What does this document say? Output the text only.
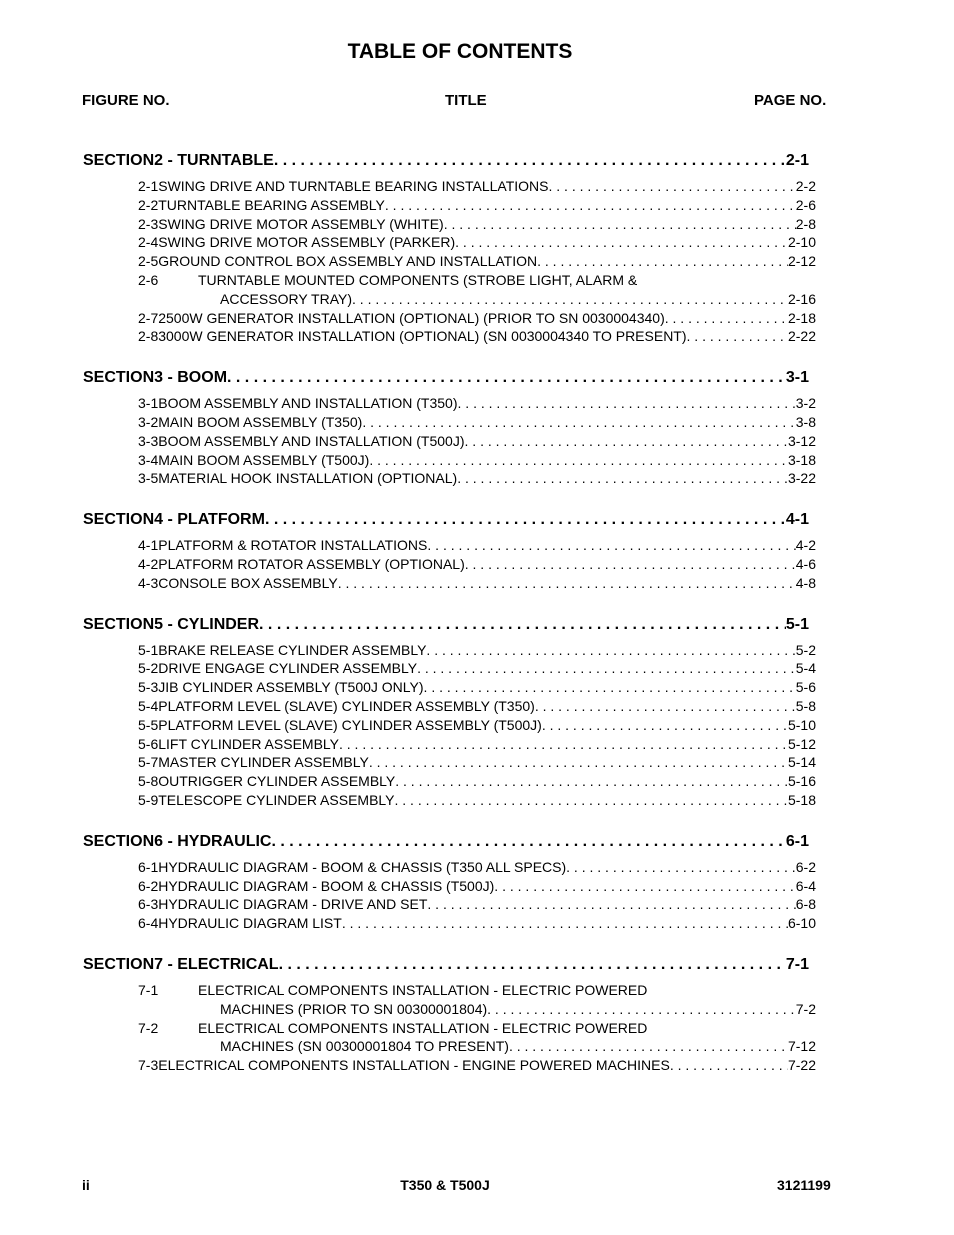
TABLE OF CONTENTS
FIGURE NO.	TITLE	PAGE NO.
SECTION 2 - TURNTABLE . . .	2-1
2-1 SWING DRIVE AND TURNTABLE BEARING INSTALLATIONS . . .	2-2
2-2 TURNTABLE BEARING ASSEMBLY . . .	2-6
2-3 SWING DRIVE MOTOR ASSEMBLY (WHITE) . . .	2-8
2-4 SWING DRIVE MOTOR ASSEMBLY (PARKER) . . .	2-10
2-5 GROUND CONTROL BOX ASSEMBLY AND INSTALLATION . . .	2-12
2-6	TURNTABLE MOUNTED COMPONENTS (STROBE LIGHT, ALARM &
ACCESSORY TRAY) . . .	2-16
2-7 2500W GENERATOR INSTALLATION (OPTIONAL) (PRIOR TO SN 0030004340) . . .	2-18
2-8 3000W GENERATOR INSTALLATION (OPTIONAL) (SN 0030004340 TO PRESENT) . . .	2-22
SECTION 3 - BOOM . . .	3-1
3-1 BOOM ASSEMBLY AND INSTALLATION (T350) . . .	3-2
3-2 MAIN BOOM ASSEMBLY (T350) . . .	3-8
3-3 BOOM ASSEMBLY AND INSTALLATION (T500J) . . .	3-12
3-4 MAIN BOOM ASSEMBLY (T500J) . . .	3-18
3-5 MATERIAL HOOK INSTALLATION (OPTIONAL) . . .	3-22
SECTION 4 - PLATFORM . . .	4-1
4-1 PLATFORM & ROTATOR INSTALLATIONS . . .	4-2
4-2 PLATFORM ROTATOR ASSEMBLY (OPTIONAL) . . .	4-6
4-3 CONSOLE BOX ASSEMBLY . . .	4-8
SECTION 5 - CYLINDER . . .	5-1
5-1 BRAKE RELEASE CYLINDER ASSEMBLY . . .	5-2
5-2 DRIVE ENGAGE CYLINDER ASSEMBLY . . .	5-4
5-3 JIB CYLINDER ASSEMBLY (T500J ONLY) . . .	5-6
5-4 PLATFORM LEVEL (SLAVE) CYLINDER ASSEMBLY (T350) . . .	5-8
5-5 PLATFORM LEVEL (SLAVE) CYLINDER ASSEMBLY (T500J) . . .	5-10
5-6 LIFT CYLINDER ASSEMBLY . . .	5-12
5-7 MASTER CYLINDER ASSEMBLY . . .	5-14
5-8 OUTRIGGER CYLINDER ASSEMBLY . . .	5-16
5-9 TELESCOPE CYLINDER ASSEMBLY . . .	5-18
SECTION 6 - HYDRAULIC . . .	6-1
6-1 HYDRAULIC DIAGRAM - BOOM & CHASSIS (T350 ALL SPECS) . . .	6-2
6-2 HYDRAULIC DIAGRAM - BOOM & CHASSIS (T500J) . . .	6-4
6-3 HYDRAULIC DIAGRAM - DRIVE AND SET . . .	6-8
6-4 HYDRAULIC DIAGRAM LIST . . .	6-10
SECTION 7 - ELECTRICAL . . .	7-1
7-1	ELECTRICAL COMPONENTS INSTALLATION - ELECTRIC POWERED
MACHINES (PRIOR TO SN 00300001804) . . .	7-2
7-2	ELECTRICAL COMPONENTS INSTALLATION - ELECTRIC POWERED
MACHINES (SN 00300001804 TO PRESENT) . . .	7-12
7-3 ELECTRICAL COMPONENTS INSTALLATION - ENGINE POWERED MACHINES . . .	7-22
ii	T350 & T500J	3121199
